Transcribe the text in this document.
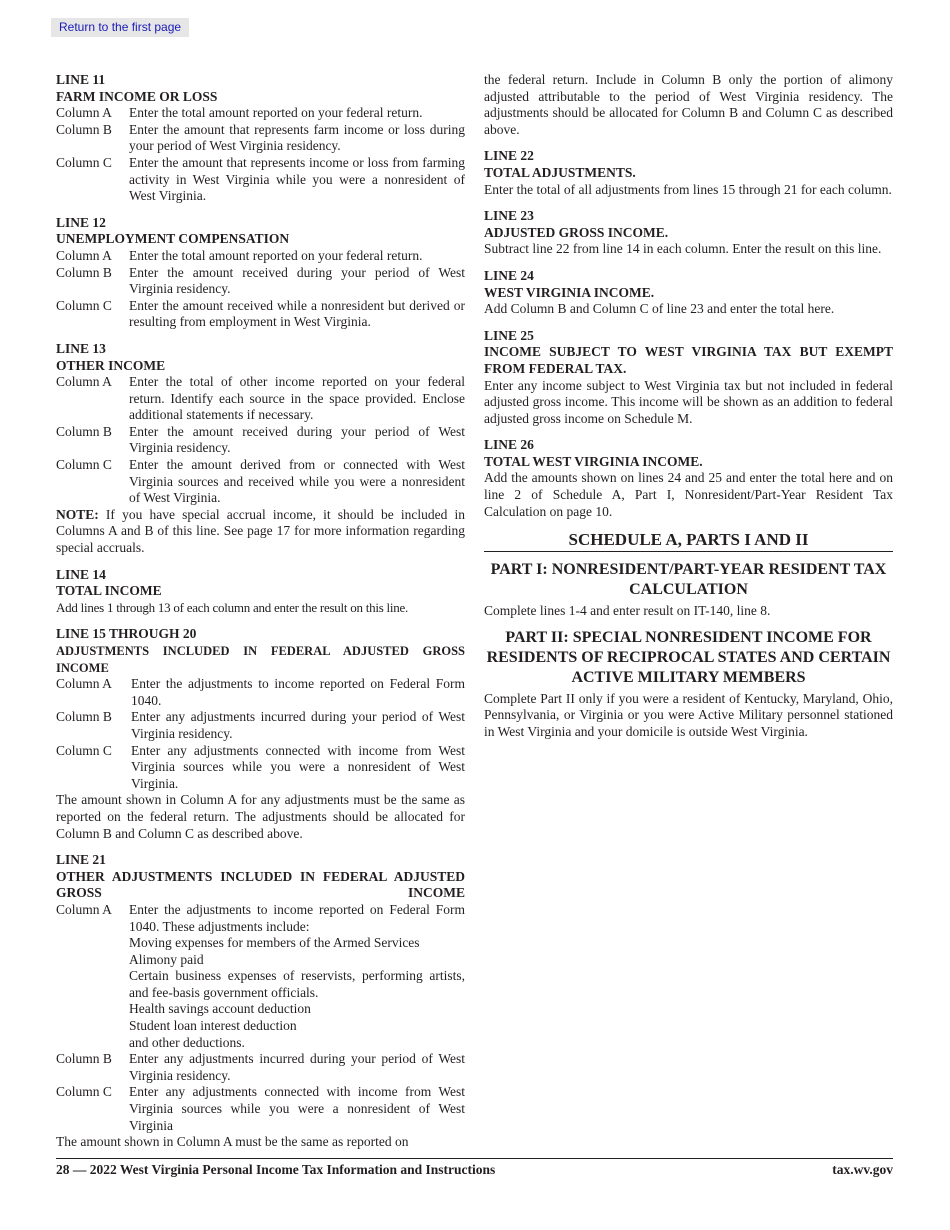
Return to the first page
LINE 11
FARM INCOME OR LOSS
Column A	Enter the total amount reported on your federal return.
Column B	Enter the amount that represents farm income or loss during your period of West Virginia residency.
Column C	Enter the amount that represents income or loss from farming activity in West Virginia while you were a nonresident of West Virginia.
LINE 12
UNEMPLOYMENT COMPENSATION
Column A	Enter the total amount reported on your federal return.
Column B	Enter the amount received during your period of West Virginia residency.
Column C	Enter the amount received while a nonresident but derived or resulting from employment in West Virginia.
LINE 13
OTHER INCOME
Column A	Enter the total of other income reported on your federal return. Identify each source in the space provided. Enclose additional statements if necessary.
Column B	Enter the amount received during your period of West Virginia residency.
Column C	Enter the amount derived from or connected with West Virginia sources and received while you were a nonresident of West Virginia.

NOTE: If you have special accrual income, it should be included in Columns A and B of this line. See page 17 for more information regarding special accruals.

LINE 14
TOTAL INCOME

Add lines 1 through 13 of each column and enter the result on this line.

LINE 15 THROUGH 20
ADJUSTMENTS INCLUDED IN FEDERAL ADJUSTED GROSS INCOME
Column A	Enter the adjustments to income reported on Federal Form 1040.
Column B	Enter any adjustments incurred during your period of West Virginia residency.
Column C	Enter any adjustments connected with income from West Virginia sources while you were a nonresident of West Virginia.

The amount shown in Column A for any adjustments must be the same as reported on the federal return. The adjustments should be allocated for Column B and Column C as described above.

LINE 21
OTHER ADJUSTMENTS INCLUDED IN FEDERAL ADJUSTED GROSS INCOME
Column A	Enter the adjustments to income reported on Federal Form 1040. These adjustments include:
Moving expenses for members of the Armed Services
Alimony paid
Certain business expenses of reservists, performing artists, and fee-basis government officials.
Health savings account deduction
Student loan interest deduction
and other deductions.
Column B	Enter any adjustments incurred during your period of West Virginia residency.
Column C	Enter any adjustments connected with income from West Virginia sources while you were a nonresident of West Virginia

The amount shown in Column A must be the same as reported on

the federal return. Include in Column B only the portion of alimony adjusted attributable to the period of West Virginia residency. The adjustments should be allocated for Column B and Column C as described above.

LINE 22
TOTAL ADJUSTMENTS.

Enter the total of all adjustments from lines 15 through 21 for each column.

LINE 23
ADJUSTED GROSS INCOME.

Subtract line 22 from line 14 in each column. Enter the result on this line.

LINE 24
WEST VIRGINIA INCOME.

Add Column B and Column C of line 23 and enter the total here.

LINE 25
INCOME SUBJECT TO WEST VIRGINIA TAX BUT EXEMPT FROM FEDERAL TAX.

Enter any income subject to West Virginia tax but not included in federal adjusted gross income. This income will be shown as an addition to federal adjusted gross income on Schedule M.

LINE 26
TOTAL WEST VIRGINIA INCOME.

Add the amounts shown on lines 24 and 25 and enter the total here and on line 2 of Schedule A, Part I, Nonresident/Part-Year Resident Tax Calculation on page 10.

SCHEDULE A, PARTS I AND II
PART I: NONRESIDENT/PART-YEAR RESIDENT TAX CALCULATION

Complete lines 1-4 and enter result on IT-140, line 8.

PART II: SPECIAL NONRESIDENT INCOME FOR RESIDENTS OF RECIPROCAL STATES AND CERTAIN ACTIVE MILITARY MEMBERS

Complete Part II only if you were a resident of Kentucky, Maryland, Ohio, Pennsylvania, or Virginia or you were Active Military personnel stationed in West Virginia and your domicile is outside West Virginia.

28 — 2022 West Virginia Personal Income Tax Information and Instructions	tax.wv.gov
